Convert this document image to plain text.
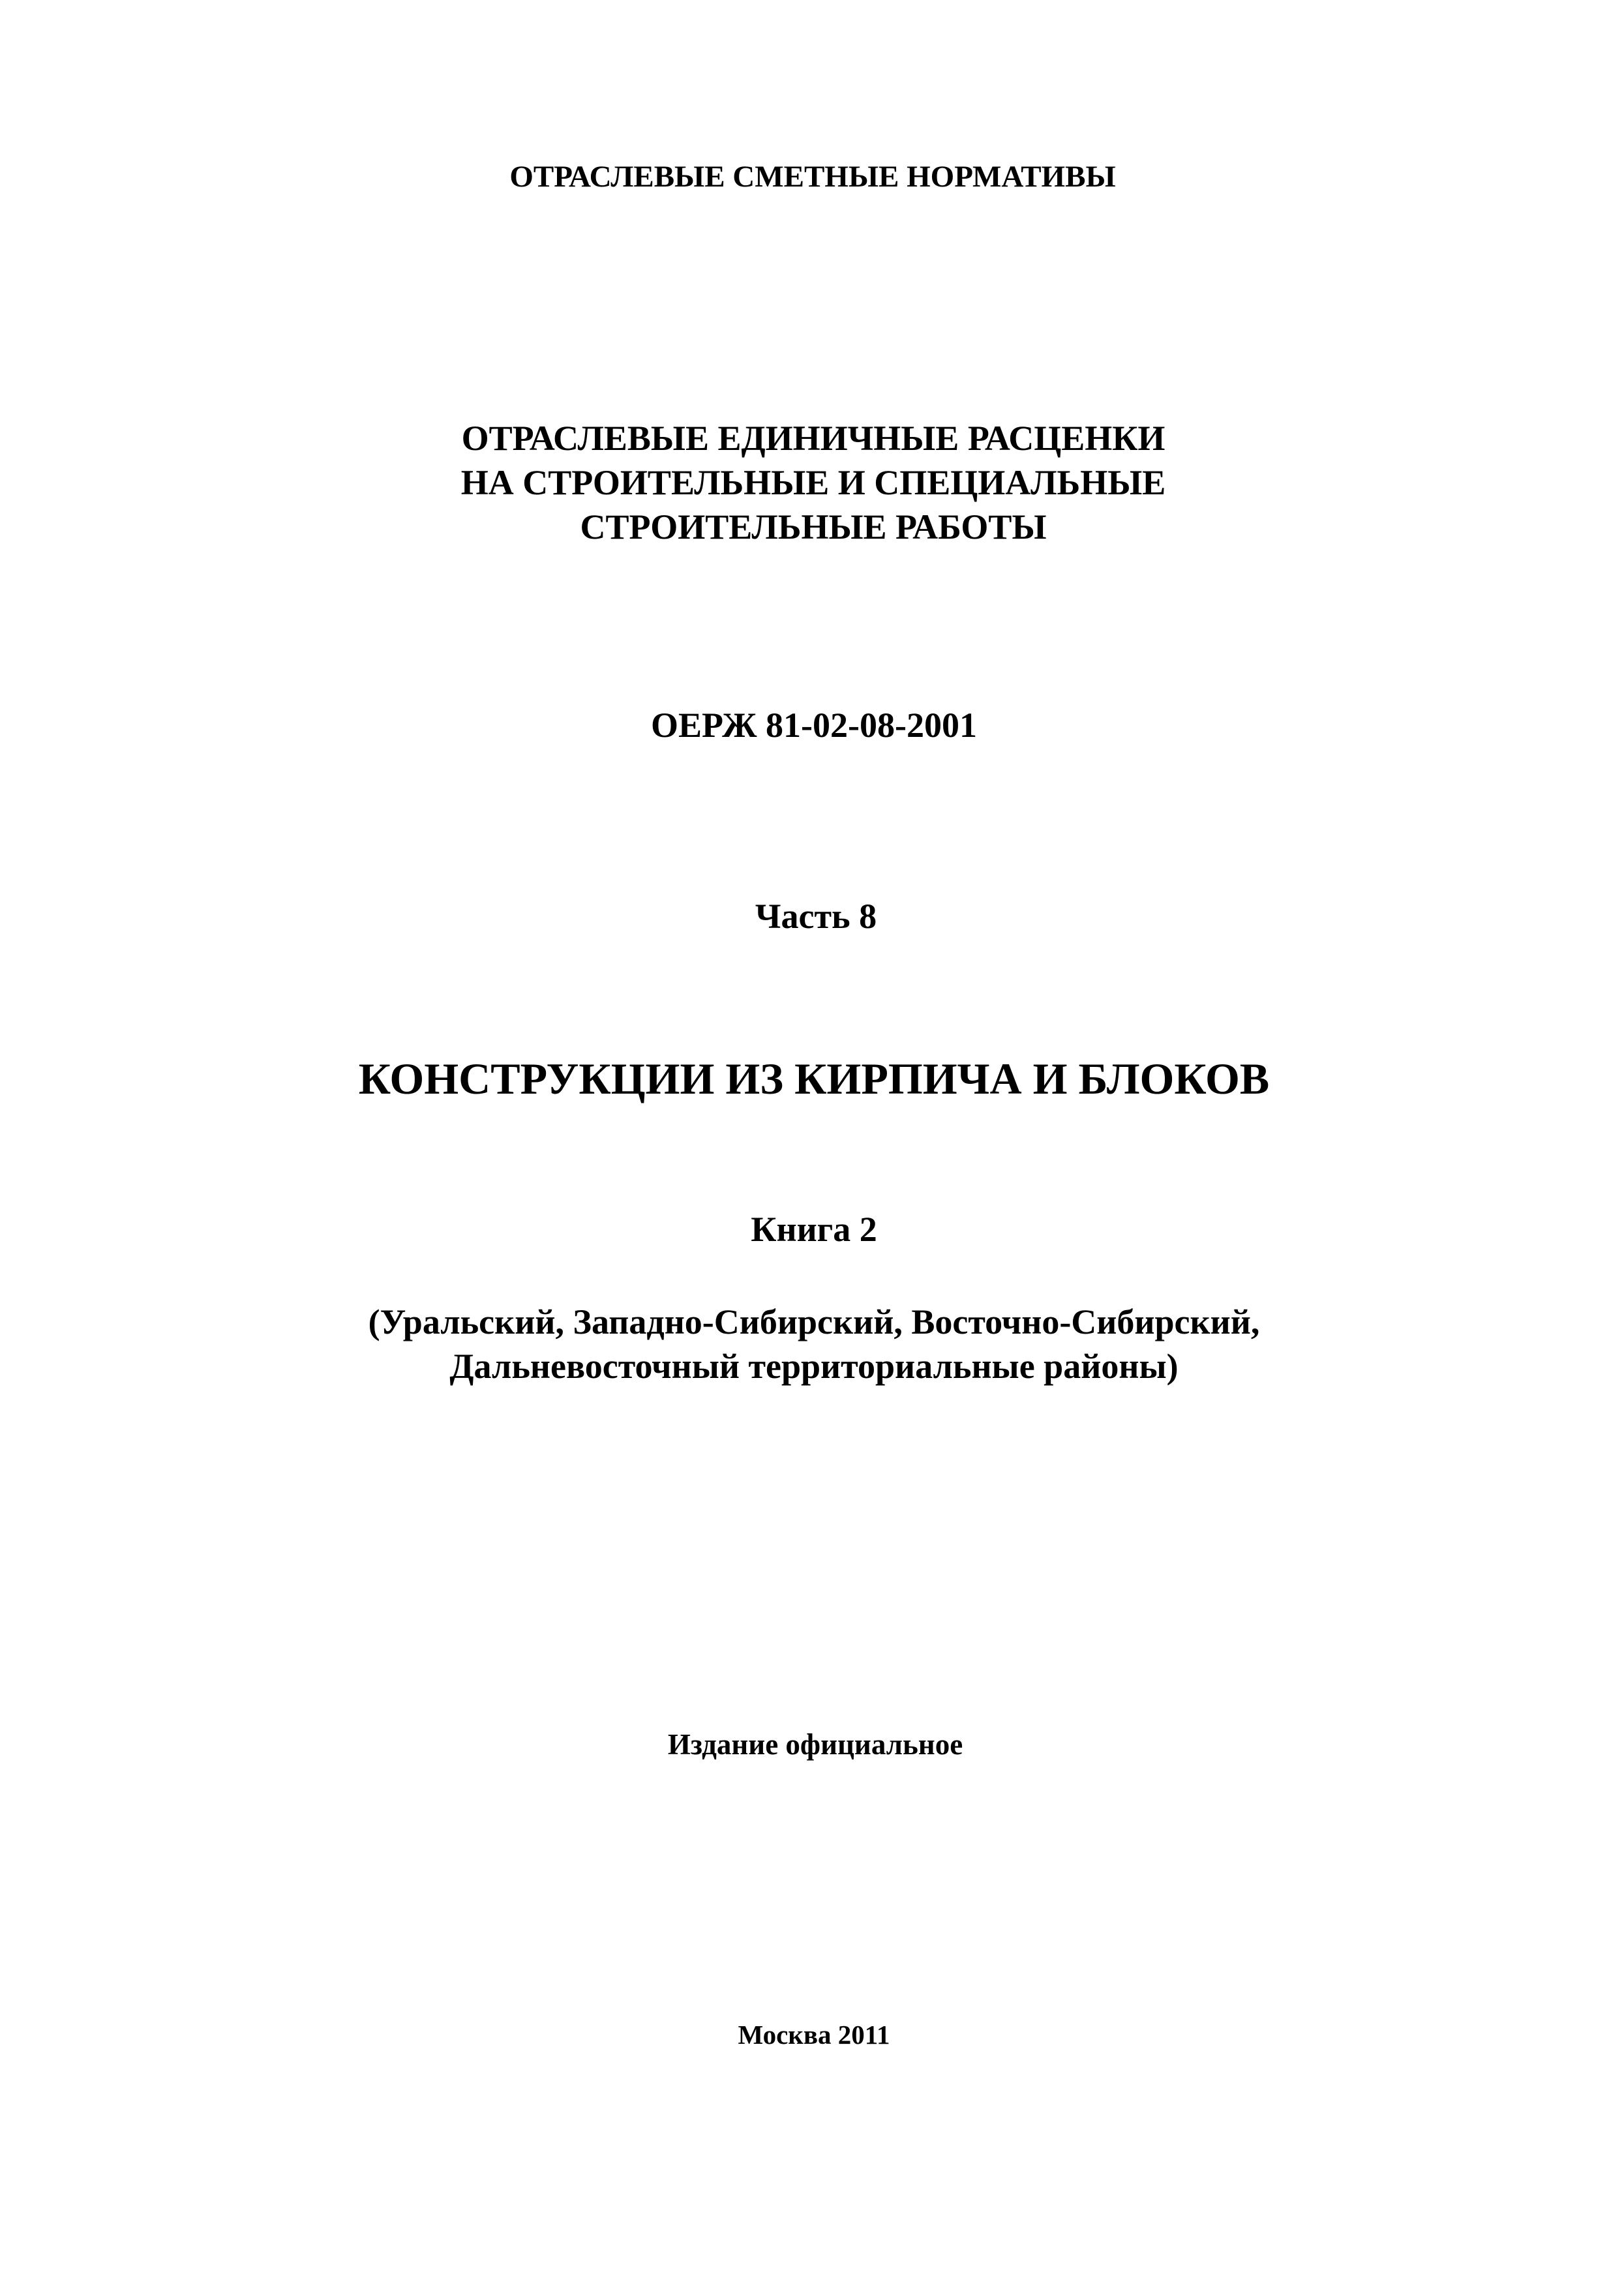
ОТРАСЛЕВЫЕ СМЕТНЫЕ НОРМАТИВЫ
ОТРАСЛЕВЫЕ ЕДИНИЧНЫЕ РАСЦЕНКИ
НА СТРОИТЕЛЬНЫЕ И СПЕЦИАЛЬНЫЕ
СТРОИТЕЛЬНЫЕ РАБОТЫ
ОЕРЖ 81-02-08-2001
Часть 8
КОНСТРУКЦИИ ИЗ КИРПИЧА И БЛОКОВ
Книга 2
(Уральский, Западно-Сибирский, Восточно-Сибирский,
Дальневосточный территориальные районы)
Издание официальное
Москва 2011
